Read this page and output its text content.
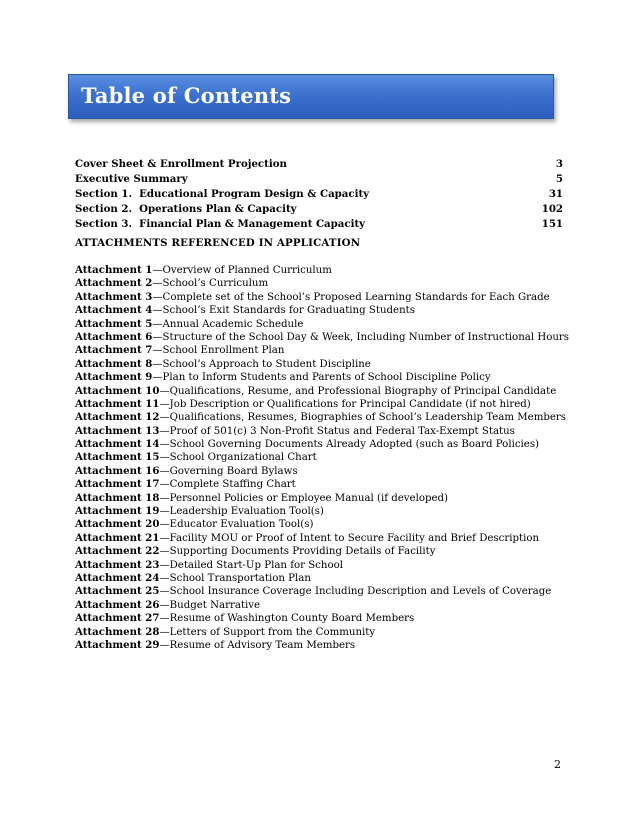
Table of Contents
Cover Sheet & Enrollment Projection	3
Executive Summary	5
Section 1.  Educational Program Design & Capacity	31
Section 2.  Operations Plan & Capacity	102
Section 3.  Financial Plan & Management Capacity	151
ATTACHMENTS REFERENCED IN APPLICATION
Attachment 1—Overview of Planned Curriculum
Attachment 2—School’s Curriculum
Attachment 3—Complete set of the School’s Proposed Learning Standards for Each Grade
Attachment 4—School’s Exit Standards for Graduating Students
Attachment 5—Annual Academic Schedule
Attachment 6—Structure of the School Day & Week, Including Number of Instructional Hours
Attachment 7—School Enrollment Plan
Attachment 8—School’s Approach to Student Discipline
Attachment 9—Plan to Inform Students and Parents of School Discipline Policy
Attachment 10—Qualifications, Resume, and Professional Biography of Principal Candidate
Attachment 11—Job Description or Qualifications for Principal Candidate (if not hired)
Attachment 12—Qualifications, Resumes, Biographies of School’s Leadership Team Members
Attachment 13—Proof of 501(c) 3 Non-Profit Status and Federal Tax-Exempt Status
Attachment 14—School Governing Documents Already Adopted (such as Board Policies)
Attachment 15—School Organizational Chart
Attachment 16—Governing Board Bylaws
Attachment 17—Complete Staffing Chart
Attachment 18—Personnel Policies or Employee Manual (if developed)
Attachment 19—Leadership Evaluation Tool(s)
Attachment 20—Educator Evaluation Tool(s)
Attachment 21—Facility MOU or Proof of Intent to Secure Facility and Brief Description
Attachment 22—Supporting Documents Providing Details of Facility
Attachment 23—Detailed Start-Up Plan for School
Attachment 24—School Transportation Plan
Attachment 25—School Insurance Coverage Including Description and Levels of Coverage
Attachment 26—Budget Narrative
Attachment 27—Resume of Washington County Board Members
Attachment 28—Letters of Support from the Community
Attachment 29—Resume of Advisory Team Members
2
